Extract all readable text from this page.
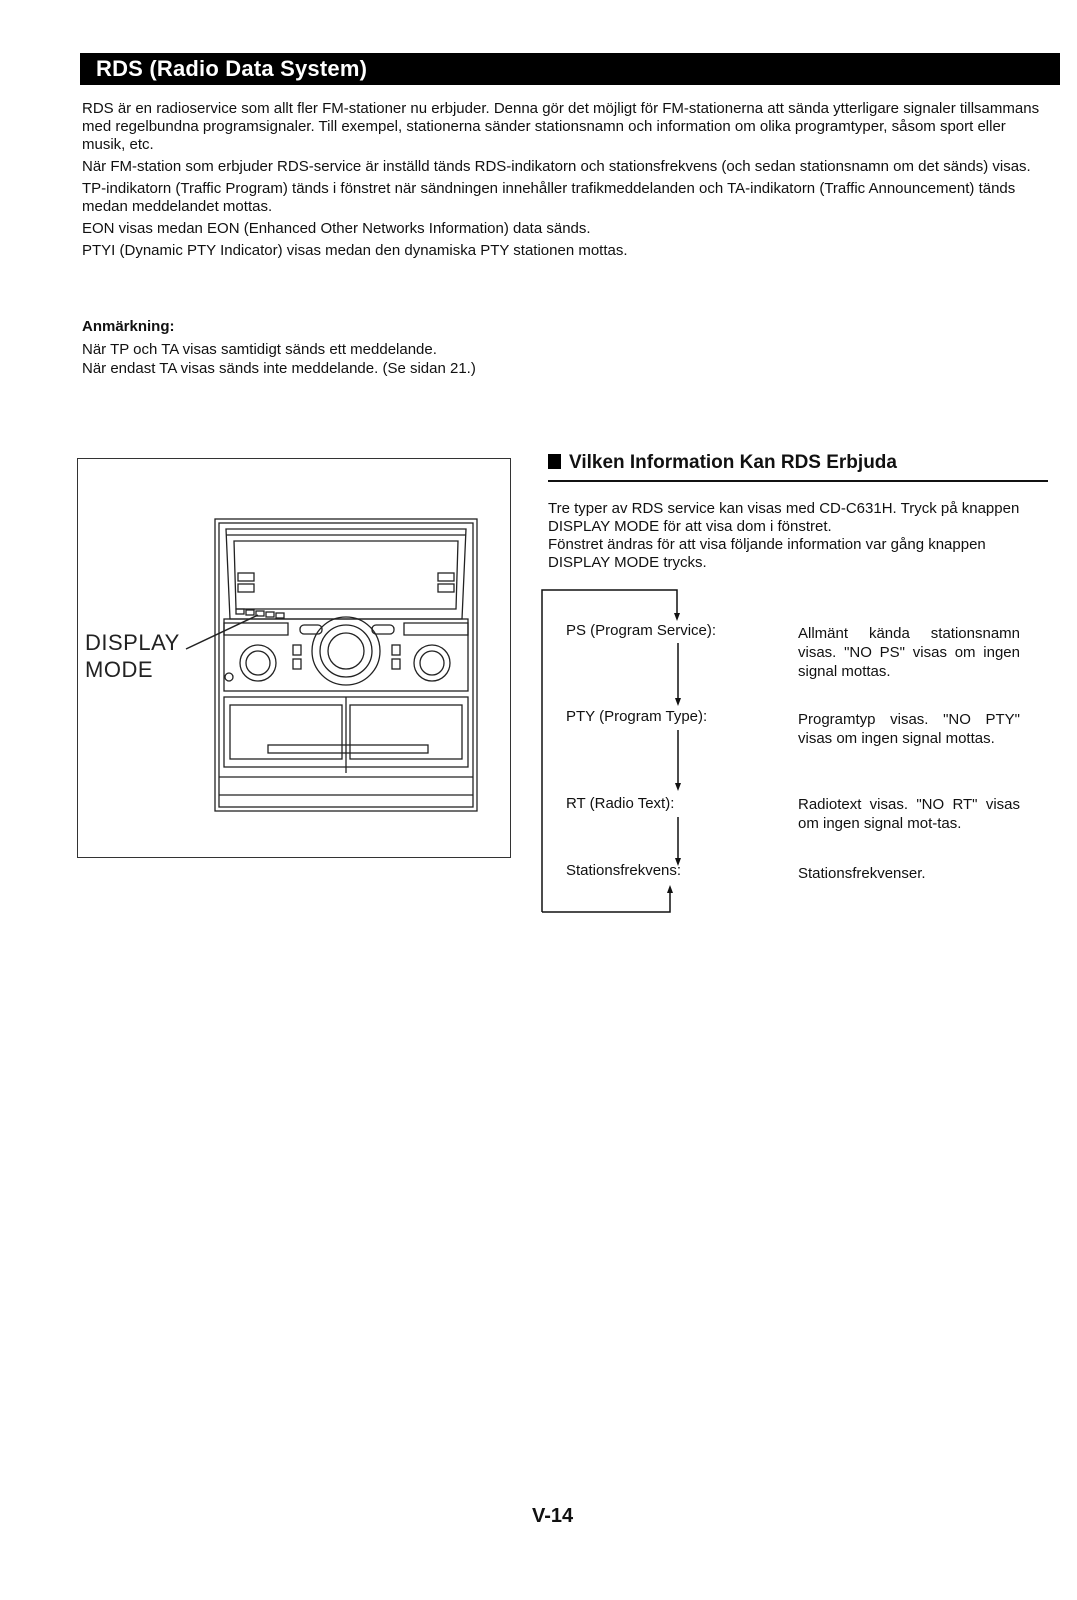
RDS (Radio Data System)

RDS är en radioservice som allt fler FM-stationer nu erbjuder. Denna gör det möjligt för FM-stationerna att sända ytterligare signaler tillsammans med regelbundna programsignaler. Till exempel, stationerna sänder stationsnamn och information om olika programtyper, såsom sport eller musik, etc.

När FM-station som erbjuder RDS-service är inställd tänds RDS-indikatorn och stationsfrekvens (och sedan stationsnamn om det sänds) visas.

TP-indikatorn (Traffic Program) tänds i fönstret när sändningen innehåller trafikmeddelanden och TA-indikatorn (Traffic Announcement) tänds medan meddelandet mottas.

EON visas medan EON (Enhanced Other Networks Information) data sänds.

PTYI (Dynamic PTY Indicator) visas medan den dynamiska PTY stationen mottas.

Anmärkning:
När TP och TA visas samtidigt sänds ett meddelande.
När endast TA visas sänds inte meddelande. (Se sidan 21.)
DISPLAY
MODE
Vilken Information Kan RDS Erbjuda

Tre typer av RDS service kan visas med CD-C631H. Tryck på knappen DISPLAY MODE för att visa dom i fönstret.

Fönstret ändras för att visa följande information var gång knappen DISPLAY MODE trycks.

PS (Program Service):	Allmänt kända stationsnamn visas. "NO PS" visas om ingen signal mottas.
PTY (Program Type):	Programtyp visas. "NO PTY" visas om ingen signal mottas.
RT (Radio Text):	Radiotext visas. "NO RT" visas om ingen signal mot-tas.
Stationsfrekvens:	Stationsfrekvenser.
V-14
